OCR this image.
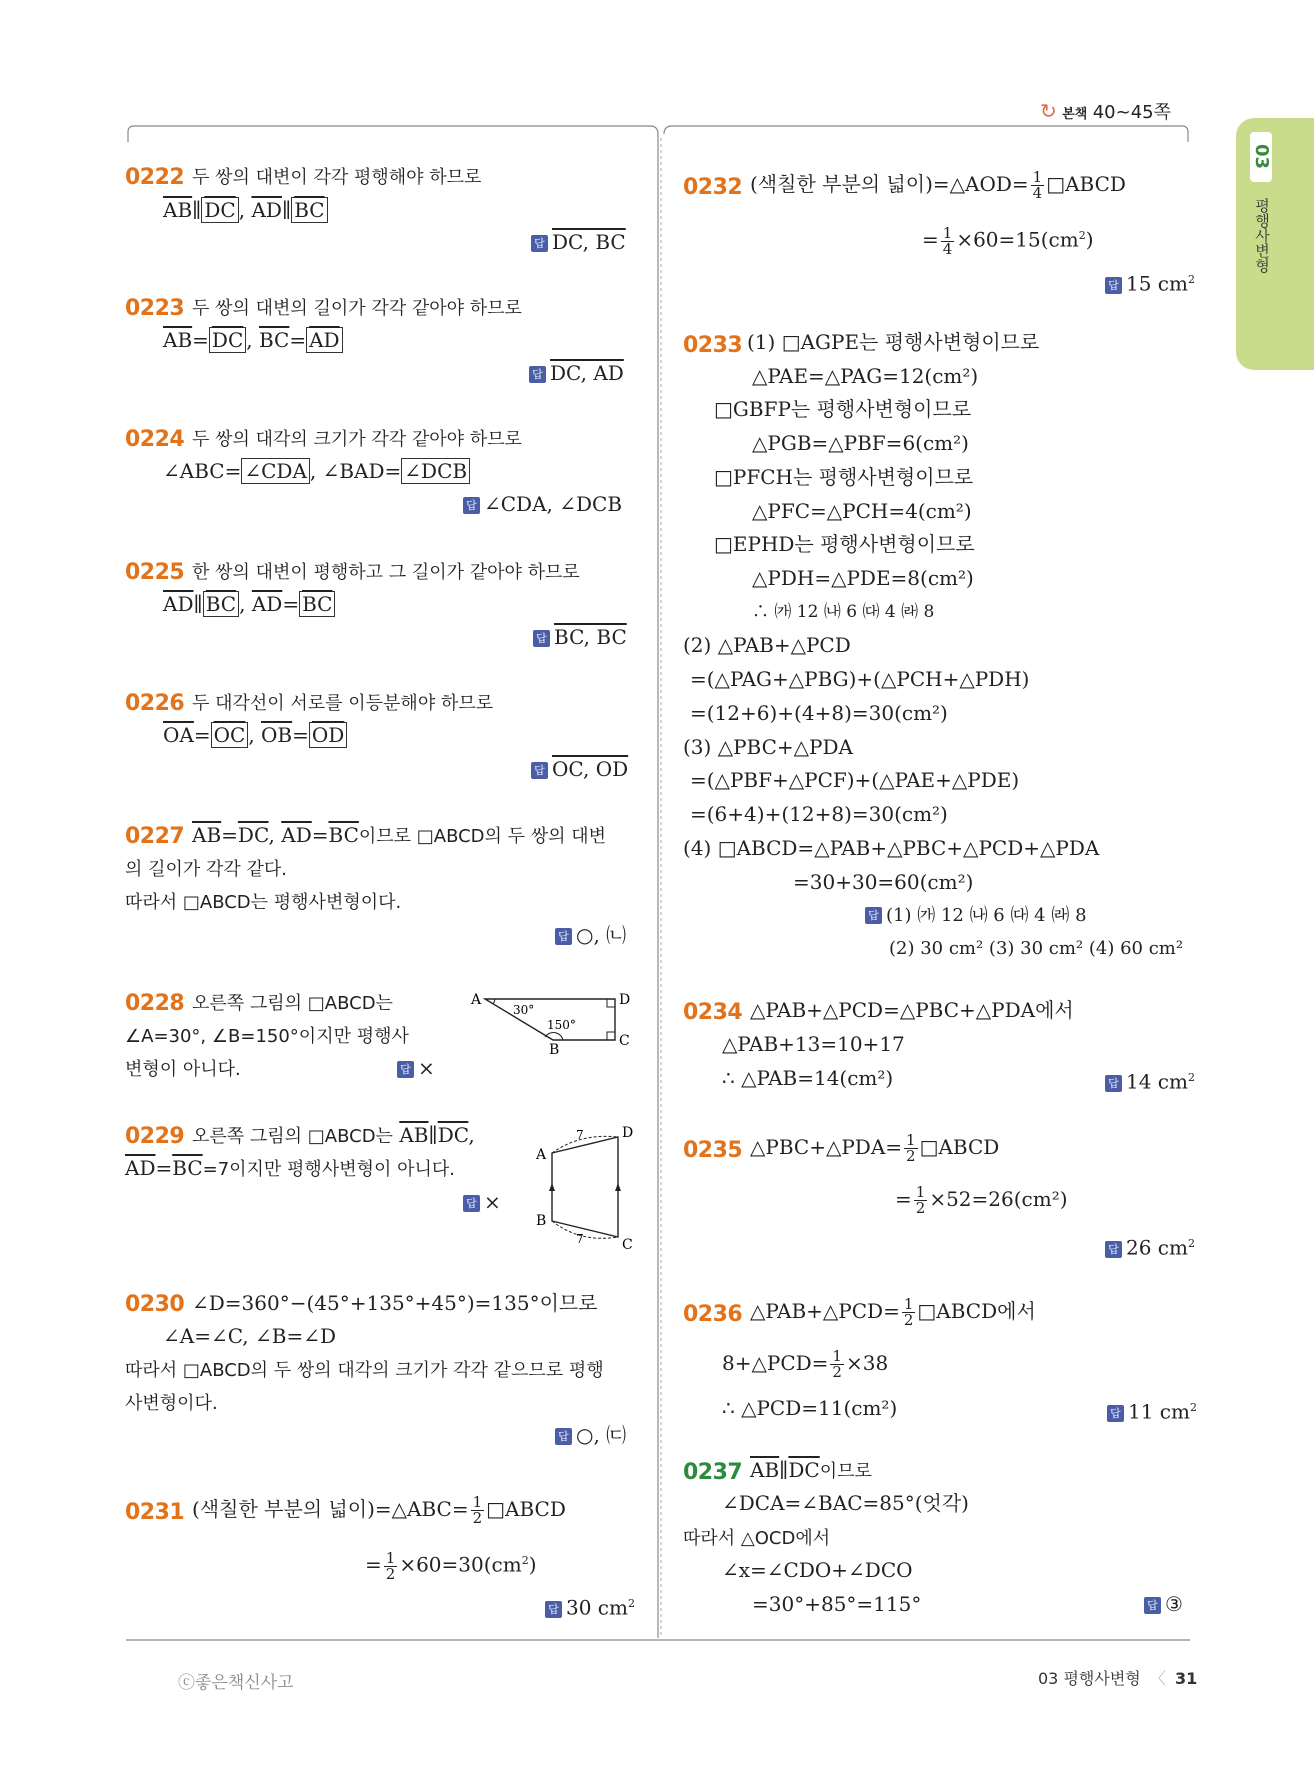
↻ 본책 40~45쪽
03
평행사변형
0222 두 쌍의 대변이 각각 평행해야 하므로
$\overline{AB}\parallel$ $\overline{DC}$ , $\overline{AD}\parallel$ $\overline{BC}$
답 DC, BC
0223 두 쌍의 대변의 길이가 각각 같아야 하므로
$\overline{AB}= \overline{DC}$ , $\overline{BC}= \overline{AD}$
답 DC, AD
0224 두 쌍의 대각의 크기가 각각 같아야 하므로
∠ABC= ∠CDA , ∠BAD= ∠DCB
답 ∠CDA, ∠DCB
0225 한 쌍의 대변이 평행하고 그 길이가 같아야 하므로
$\overline{AD}\parallel$ $\overline{BC}$ , $\overline{AD}= \overline{BC}$
답 BC, BC
0226 두 대각선이 서로를 이등분해야 하므로
$\overline{OA}= \overline{OC}$ , $\overline{OB}= \overline{OD}$
답 OC, OD
0227 $\overline{AB}=\overline{DC}$, $\overline{AD}=\overline{BC}$이므로 □ABCD의 두 쌍의 대변
의 길이가 각각 같다.
따라서 □ABCD는 평행사변형이다.
답 ○, ㈁
0228 오른쪽 그림의 □ABCD는
∠A=30°, ∠B=150°이지만 평행사
변형이 아니다.	답 ×
A	D
C
B
30°
150°
0229 오른쪽 그림의 □ABCD는 $\overline{AB}\parallel\overline{DC}$,
$\overline{AD}=\overline{BC}=7$이지만 평행사변형이 아니다.
답 ×
A
D
B
C
7
7
0230 ∠D=360°−(45°+135°+45°)=135°이므로
∠A=∠C, ∠B=∠D
따라서 □ABCD의 두 쌍의 대각의 크기가 각각 같으므로 평행
사변형이다.
답 ○, ㈂
0231 (색칠한 부분의 넓이)=△ABC= $\frac{1}{2}$ □ABCD
= $\frac{1}{2} \times 60=30(cm^2)$
답 30 $cm^2$
0232 (색칠한 부분의 넓이)=△AOD= $\frac{1}{4}$ □ABCD
= $\frac{1}{4} \times 60=15(cm^2)$
답 15 $cm^2$
0233 (1) □AGPE는 평행사변형이므로
△PAE=△PAG=12(cm²)
□GBFP는 평행사변형이므로
△PGB=△PBF=6(cm²)
□PFCH는 평행사변형이므로
△PFC=△PCH=4(cm²)
□EPHD는 평행사변형이므로
△PDH=△PDE=8(cm²)
∴ ㈎ 12 ㈏ 6 ㈐ 4 ㈑ 8
(2) △PAB+△PCD
=(△PAG+△PBG)+(△PCH+△PDH)
=(12+6)+(4+8)=30(cm²)
(3) △PBC+△PDA
=(△PBF+△PCF)+(△PAE+△PDE)
=(6+4)+(12+8)=30(cm²)
(4) □ABCD=△PAB+△PBC+△PCD+△PDA
=30+30=60(cm²)
답 (1) ㈎ 12 ㈏ 6 ㈐ 4 ㈑ 8
(2) 30 cm² (3) 30 cm² (4) 60 cm²
0234 △PAB+△PCD=△PBC+△PDA에서
△PAB+13=10+17
∴ △PAB=14(cm²)	답 14 $cm^2$
0235 △PBC+△PDA= $\frac{1}{2}$ □ABCD
= $\frac{1}{2} \times 52=26(cm^2)$
답 26 $cm^2$
0236 △PAB+△PCD= $\frac{1}{2}$ □ABCD에서
8+△PCD= $\frac{1}{2} \times 38$
∴ △PCD=11(cm²)	답 11 $cm^2$
0237 $\overline{AB}\parallel\overline{DC}$이므로
∠DCA=∠BAC=85°(엇각)
따라서 △OCD에서
∠x=∠CDO+∠DCO
=30°+85°=115°	답 ③
ⓒ좋은책신사고	03 평행사변형 〈 31
